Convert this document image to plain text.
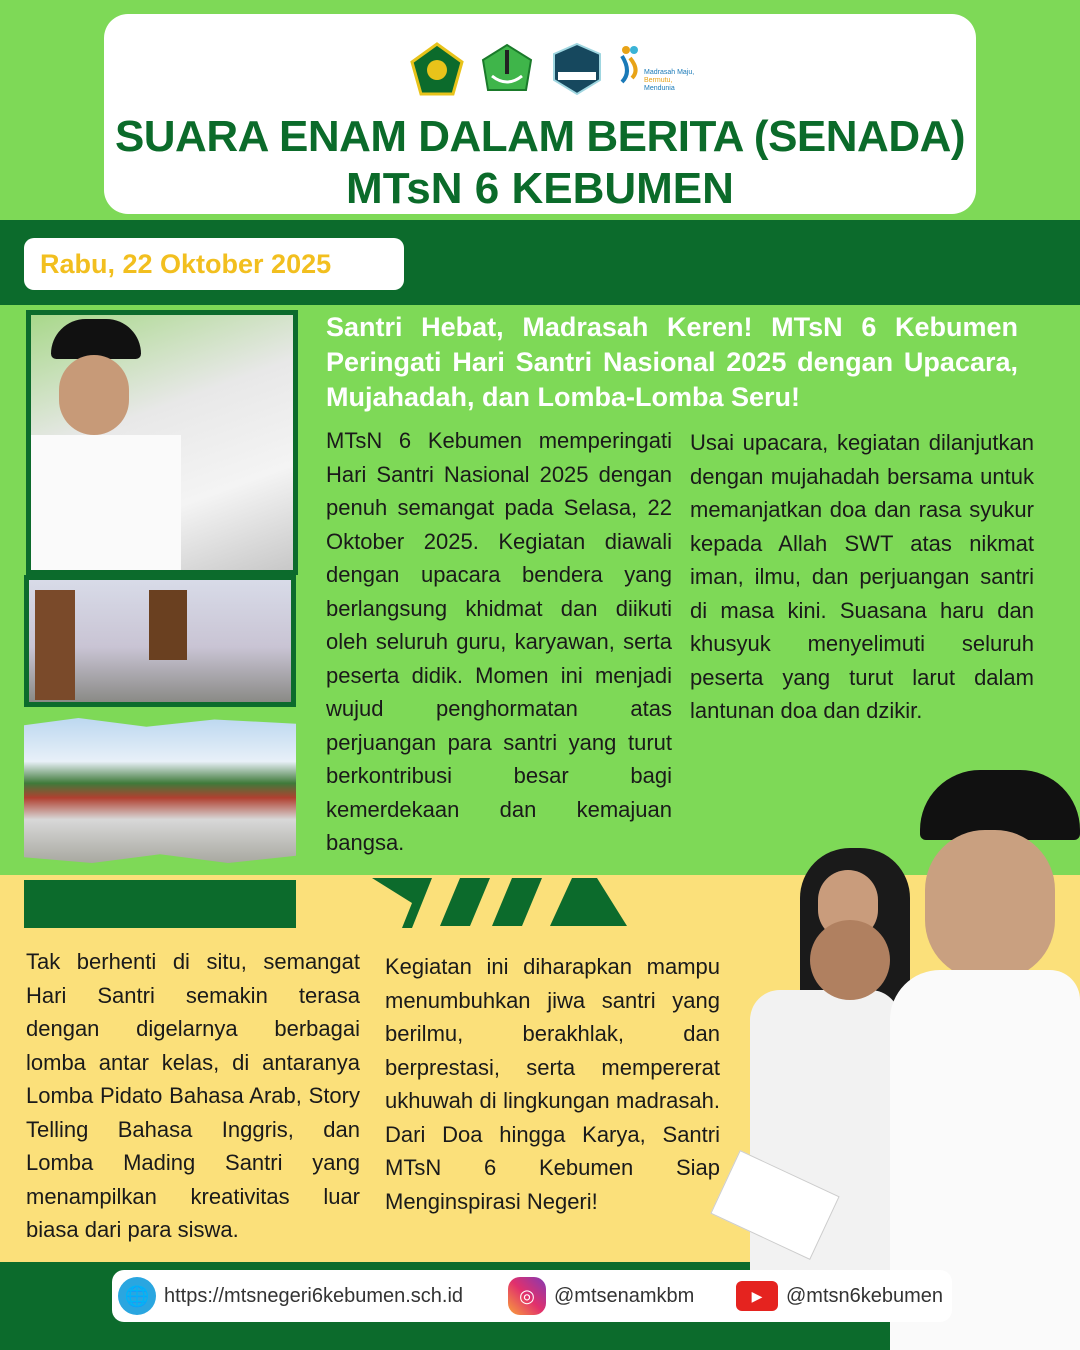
Madrasah Maju,
Bermutu,
Mendunia
SUARA ENAM DALAM BERITA (SENADA)
MTsN 6 KEBUMEN
Rabu, 22 Oktober 2025
Santri Hebat, Madrasah Keren! MTsN 6 Kebumen Peringati Hari Santri Nasional 2025 dengan Upacara, Mujahadah, dan Lomba-Lomba Seru!
MTsN 6 Kebumen memperingati Hari Santri Nasional 2025 dengan penuh semangat pada Selasa, 22 Oktober 2025. Kegiatan diawali dengan upacara bendera yang berlangsung khidmat dan diikuti oleh seluruh guru, karyawan, serta peserta didik. Momen ini menjadi wujud penghormatan atas perjuangan para santri yang turut berkontribusi besar bagi kemerdekaan dan kemajuan bangsa.
Usai upacara, kegiatan dilanjutkan dengan mujahadah bersama untuk memanjatkan doa dan rasa syukur kepada Allah SWT atas nikmat iman, ilmu, dan perjuangan santri di masa kini. Suasana haru dan khusyuk menyelimuti seluruh peserta yang turut larut dalam lantunan doa dan dzikir.
Tak berhenti di situ, semangat Hari Santri semakin terasa dengan digelarnya berbagai lomba antar kelas, di antaranya Lomba Pidato Bahasa Arab, Story Telling Bahasa Inggris, dan Lomba Mading Santri yang menampilkan kreativitas luar biasa dari para siswa.
Kegiatan ini diharapkan mampu menumbuhkan jiwa santri yang berilmu, berakhlak, dan berprestasi, serta mempererat ukhuwah di lingkungan madrasah. Dari Doa hingga Karya, Santri MTsN 6 Kebumen Siap Menginspirasi Negeri!
🌐 https://mtsnegeri6kebumen.sch.id	◎ @mtsenamkbm	▶	@mtsn6kebumen
